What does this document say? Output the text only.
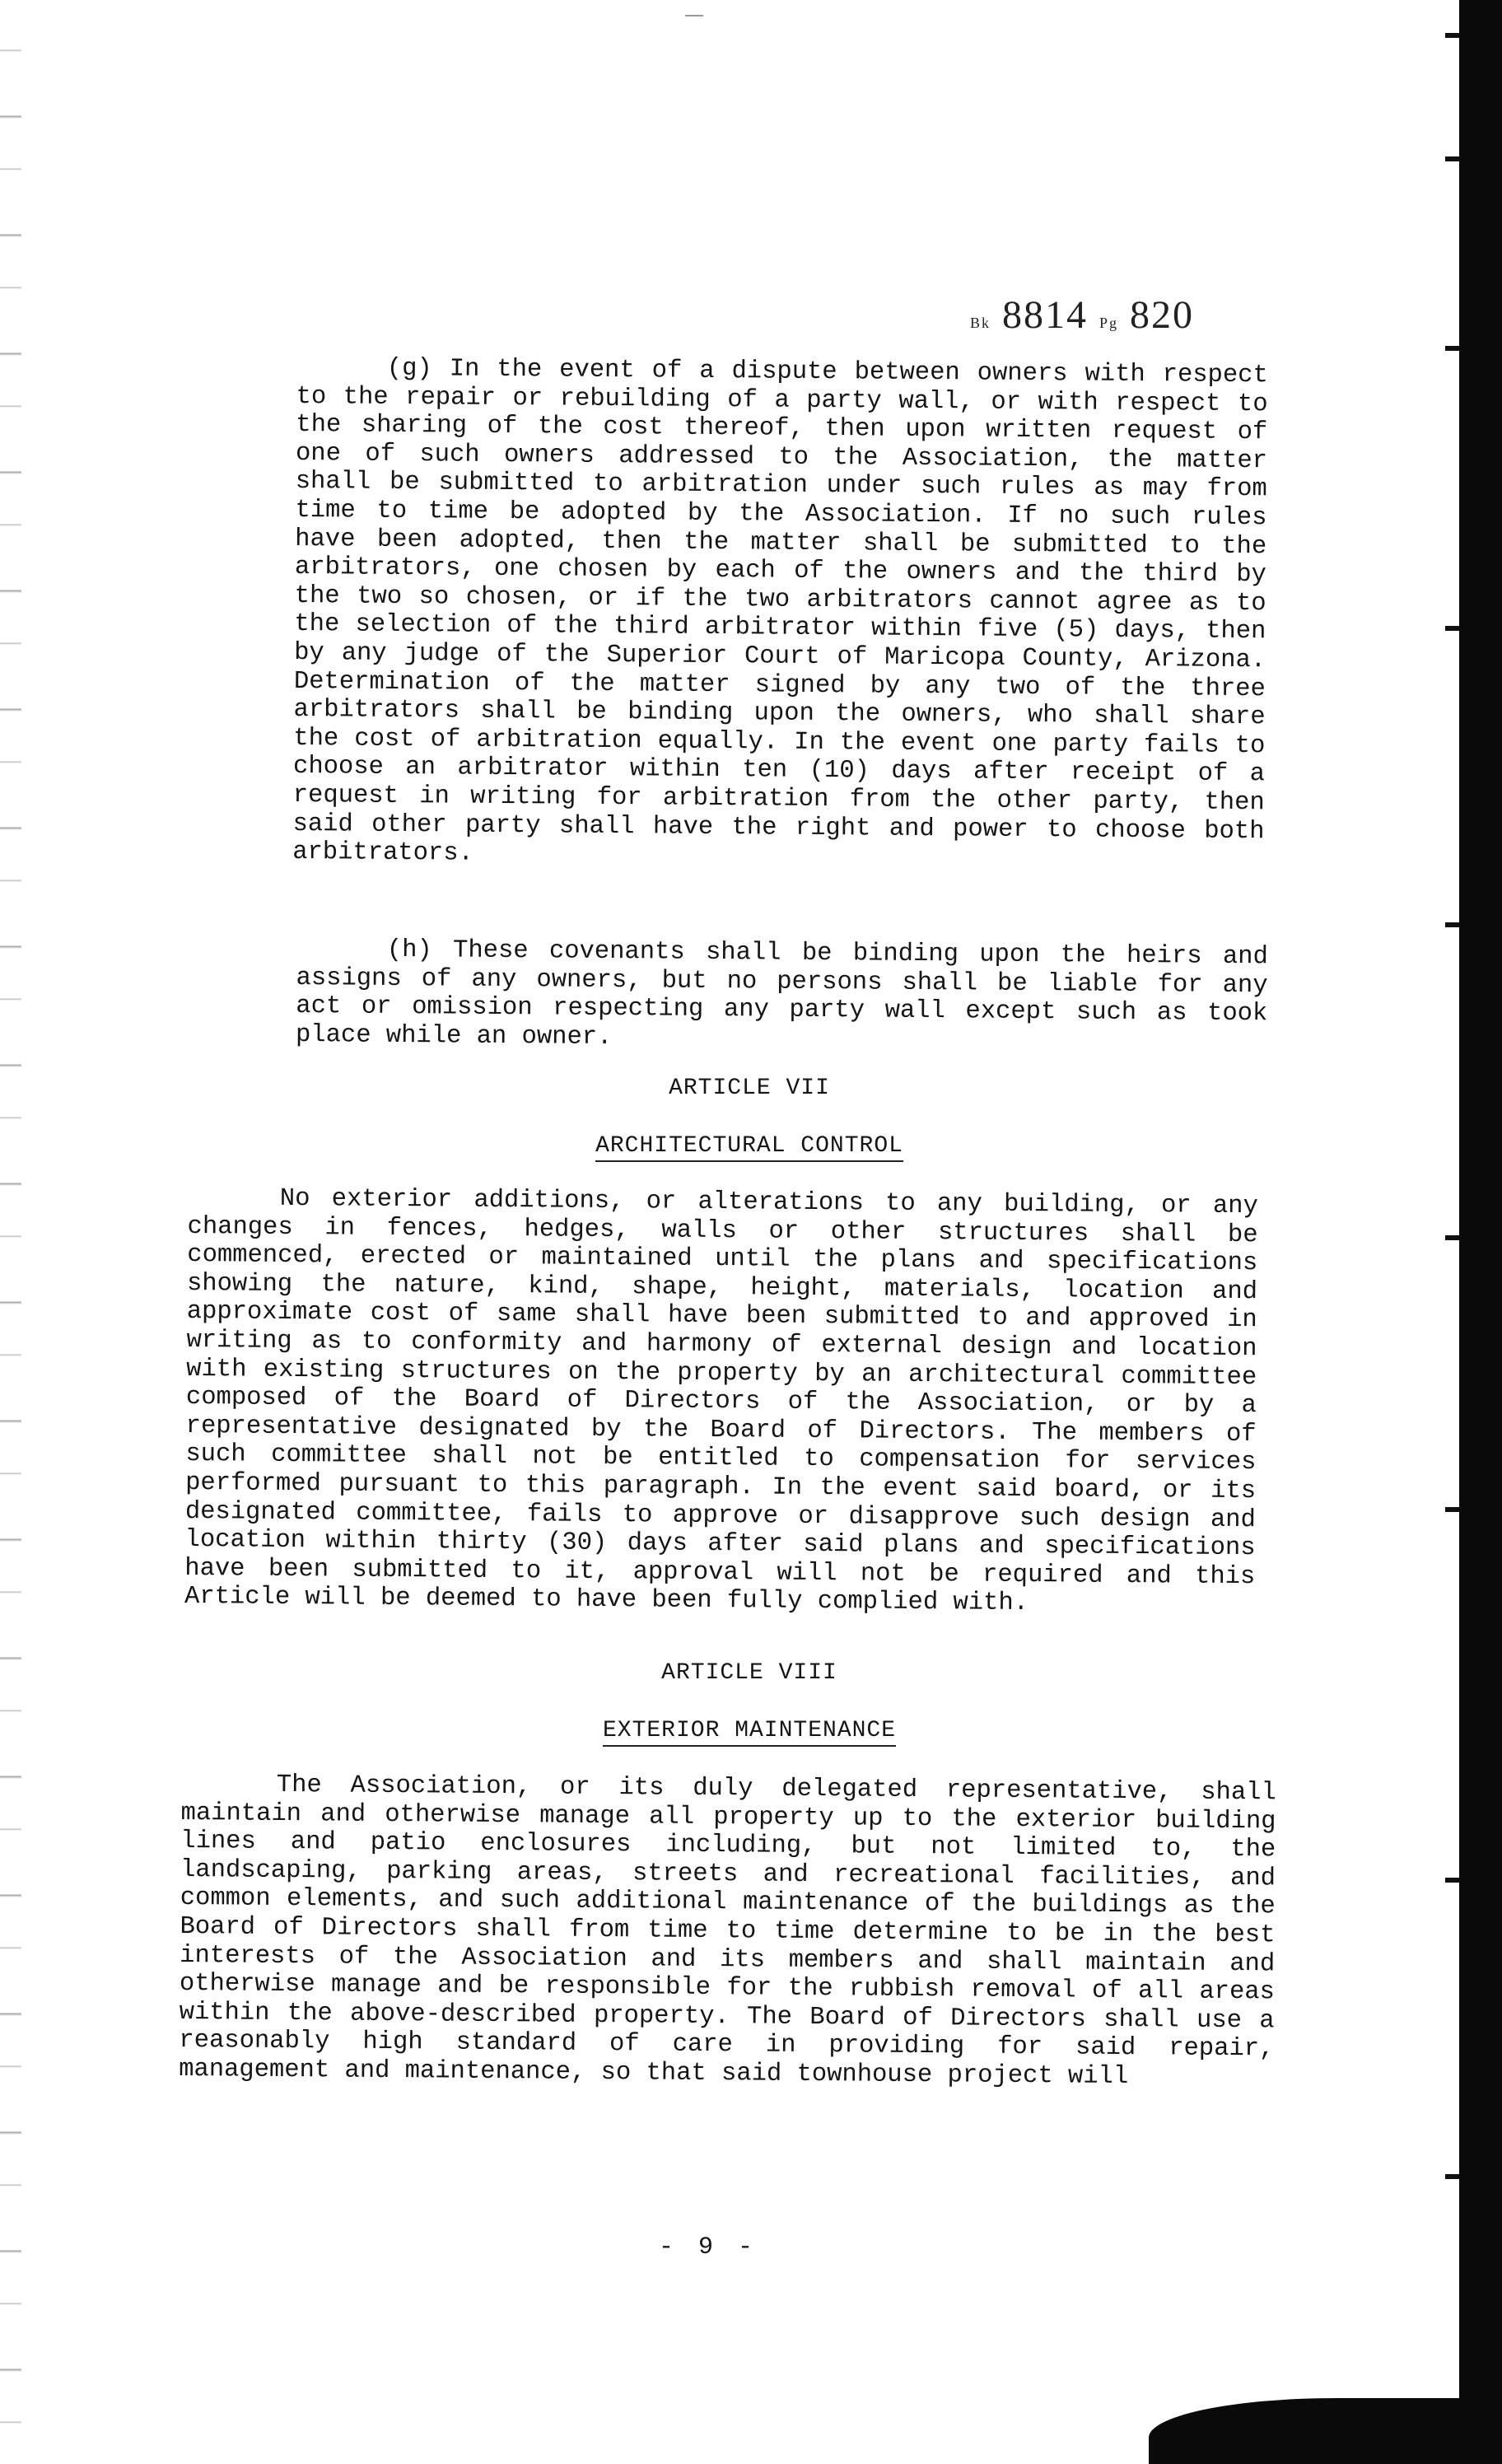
Bk 8814 Pg 820

(g) In the event of a dispute between owners with respect to the repair or rebuilding of a party wall, or with respect to the sharing of the cost thereof, then upon written request of one of such owners addressed to the Association, the matter shall be submitted to arbitration under such rules as may from time to time be adopted by the Association. If no such rules have been adopted, then the matter shall be submitted to the arbitrators, one chosen by each of the owners and the third by the two so chosen, or if the two arbitrators cannot agree as to the selection of the third arbitrator within five (5) days, then by any judge of the Superior Court of Maricopa County, Arizona. Determination of the matter signed by any two of the three arbitrators shall be binding upon the owners, who shall share the cost of arbitration equally. In the event one party fails to choose an arbitrator within ten (10) days after receipt of a request in writing for arbitration from the other party, then said other party shall have the right and power to choose both arbitrators.

(h) These covenants shall be binding upon the heirs and assigns of any owners, but no persons shall be liable for any act or omission respecting any party wall except such as took place while an owner.

ARTICLE VII

ARCHITECTURAL CONTROL

No exterior additions, or alterations to any building, or any changes in fences, hedges, walls or other structures shall be commenced, erected or maintained until the plans and specifications showing the nature, kind, shape, height, materials, location and approximate cost of same shall have been submitted to and approved in writing as to conformity and harmony of external design and location with existing structures on the property by an architectural committee composed of the Board of Directors of the Association, or by a representative designated by the Board of Directors. The members of such committee shall not be entitled to compensation for services performed pursuant to this paragraph. In the event said board, or its designated committee, fails to approve or disapprove such design and location within thirty (30) days after said plans and specifications have been submitted to it, approval will not be required and this Article will be deemed to have been fully complied with.

ARTICLE VIII

EXTERIOR MAINTENANCE

The Association, or its duly delegated representative, shall maintain and otherwise manage all property up to the exterior building lines and patio enclosures including, but not limited to, the landscaping, parking areas, streets and recreational facilities, and common elements, and such additional maintenance of the buildings as the Board of Directors shall from time to time determine to be in the best interests of the Association and its members and shall maintain and otherwise manage and be responsible for the rubbish removal of all areas within the above-described property. The Board of Directors shall use a reasonably high standard of care in providing for said repair, management and maintenance, so that said townhouse project will

- 9 -
